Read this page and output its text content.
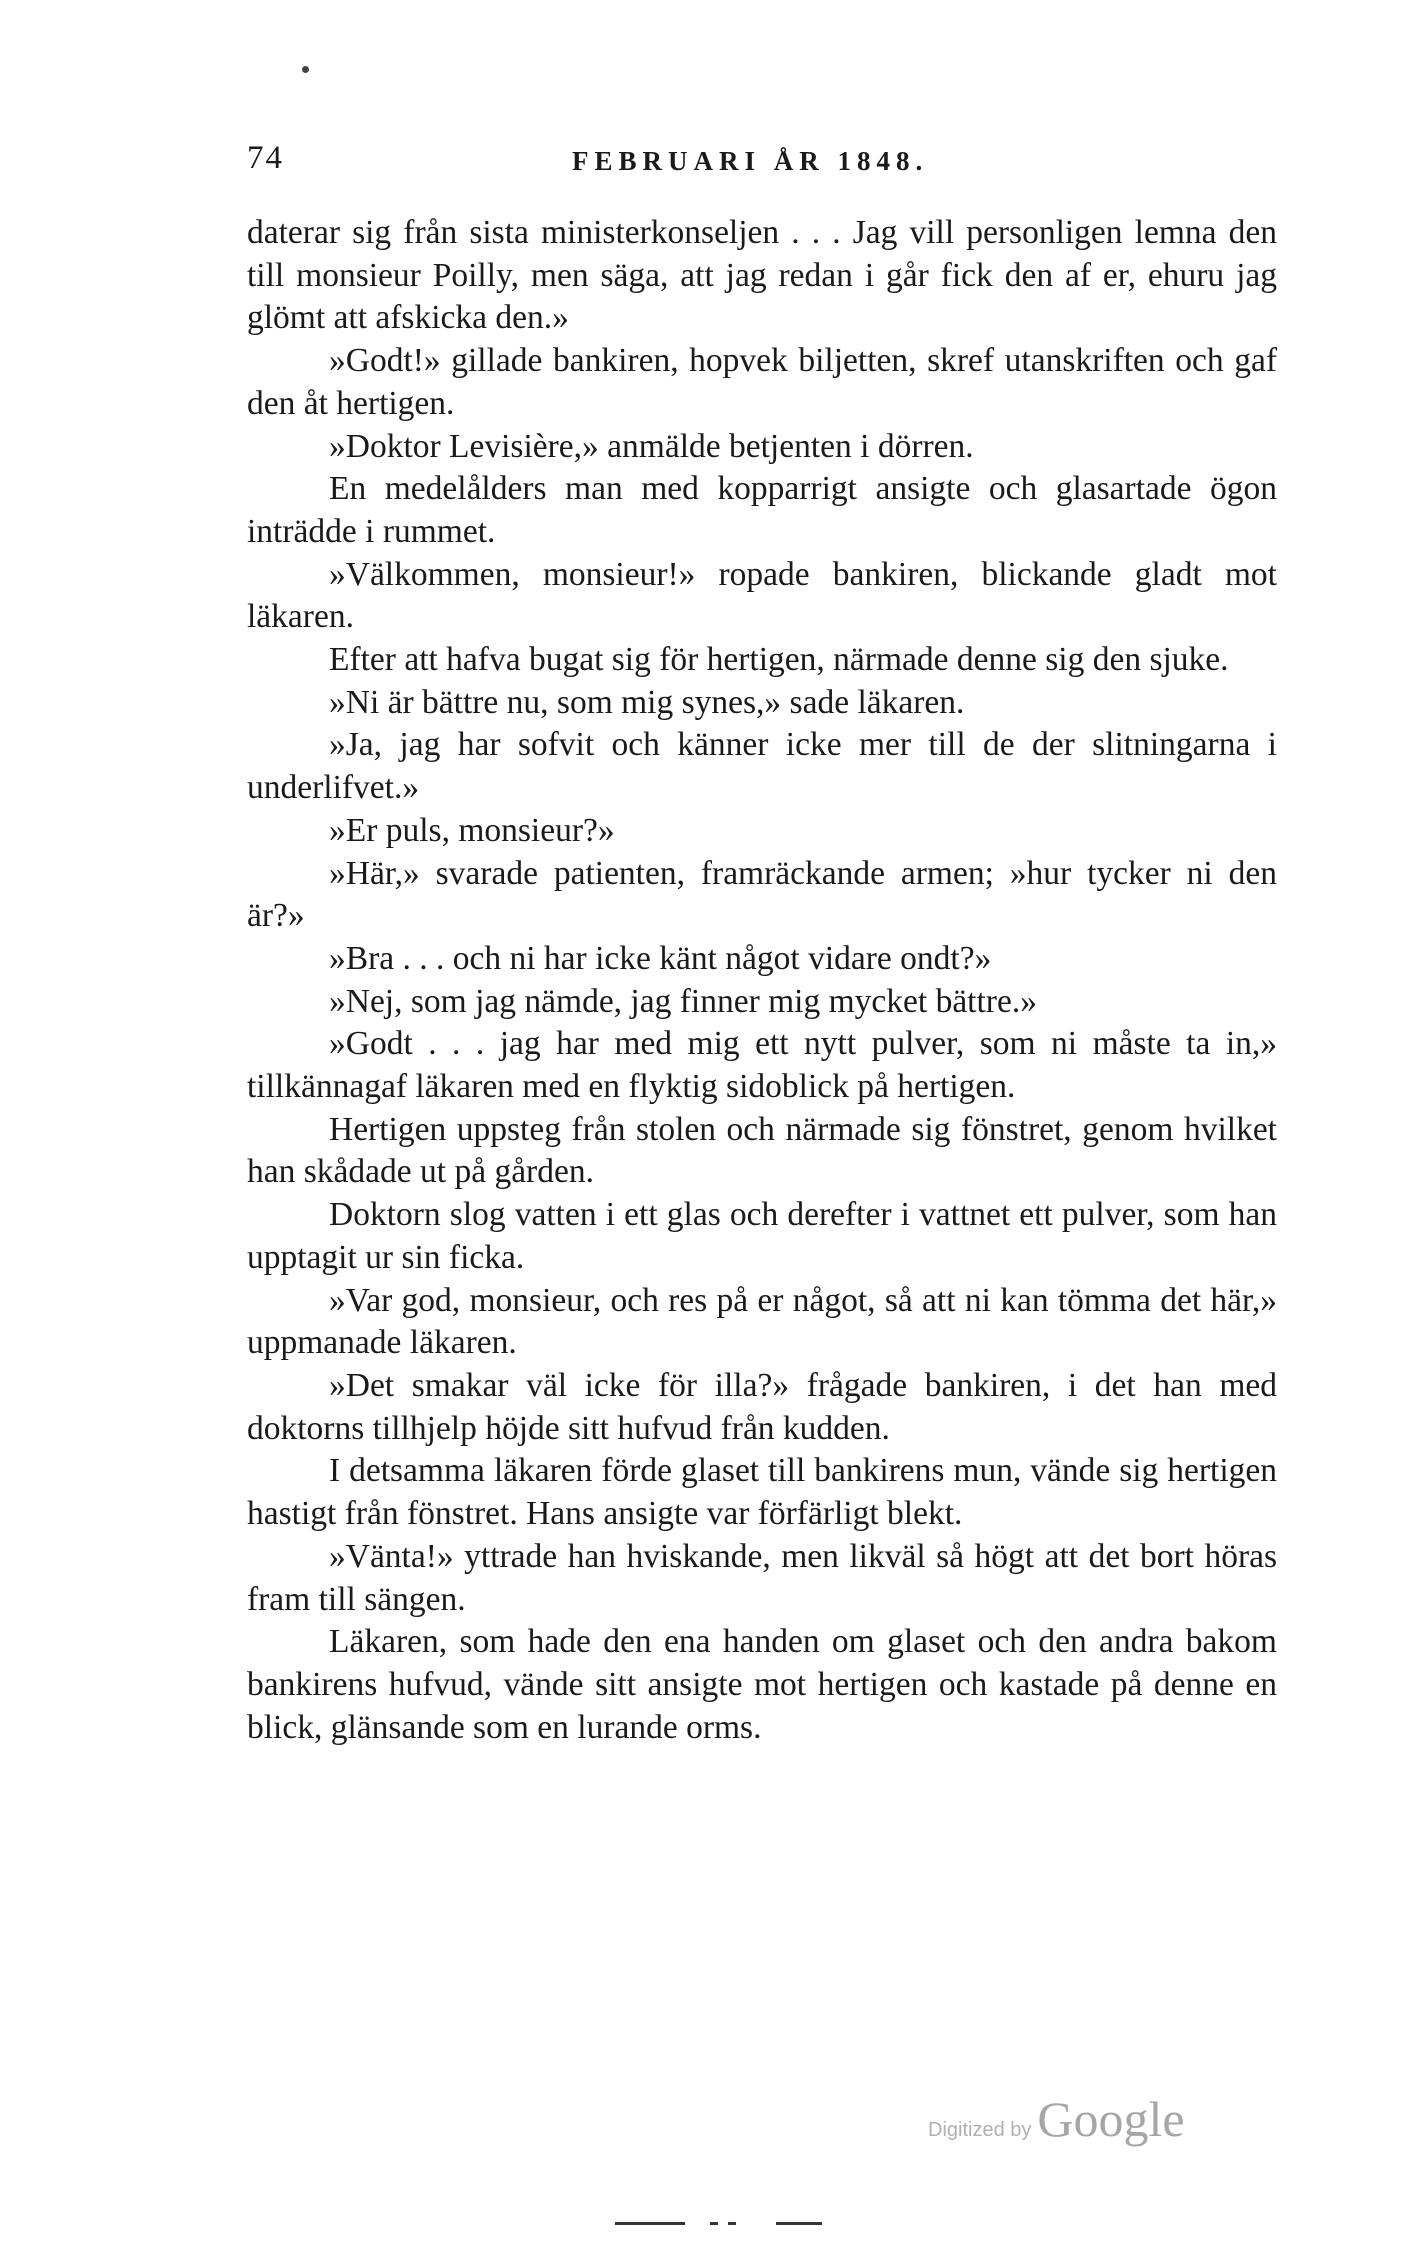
74	FEBRUARI ÅR 1848.

daterar sig från sista ministerkonseljen . . . Jag vill personligen lemna den till monsieur Poilly, men säga, att jag redan i går fick den af er, ehuru jag glömt att afskicka den.»

»Godt!» gillade bankiren, hopvek biljetten, skref utanskriften och gaf den åt hertigen.

»Doktor Levisière,» anmälde betjenten i dörren.

En medelålders man med kopparrigt ansigte och glasartade ögon inträdde i rummet.

»Välkommen, monsieur!» ropade bankiren, blickande gladt mot läkaren.

Efter att hafva bugat sig för hertigen, närmade denne sig den sjuke.

»Ni är bättre nu, som mig synes,» sade läkaren.

»Ja, jag har sofvit och känner icke mer till de der slitningarna i underlifvet.»

»Er puls, monsieur?»

»Här,» svarade patienten, framräckande armen; »hur tycker ni den är?»

»Bra . . . och ni har icke känt något vidare ondt?»

»Nej, som jag nämde, jag finner mig mycket bättre.»

»Godt . . . jag har med mig ett nytt pulver, som ni måste ta in,» tillkännagaf läkaren med en flyktig sidoblick på hertigen.

Hertigen uppsteg från stolen och närmade sig fönstret, genom hvilket han skådade ut på gården.

Doktorn slog vatten i ett glas och derefter i vattnet ett pulver, som han upptagit ur sin ficka.

»Var god, monsieur, och res på er något, så att ni kan tömma det här,» uppmanade läkaren.

»Det smakar väl icke för illa?» frågade bankiren, i det han med doktorns tillhjelp höjde sitt hufvud från kudden.

I detsamma läkaren förde glaset till bankirens mun, vände sig hertigen hastigt från fönstret. Hans ansigte var förfärligt blekt.

»Vänta!» yttrade han hviskande, men likväl så högt att det bort höras fram till sängen.

Läkaren, som hade den ena handen om glaset och den andra bakom bankirens hufvud, vände sitt ansigte mot hertigen och kastade på denne en blick, glänsande som en lurande orms.

Digitized by Google
